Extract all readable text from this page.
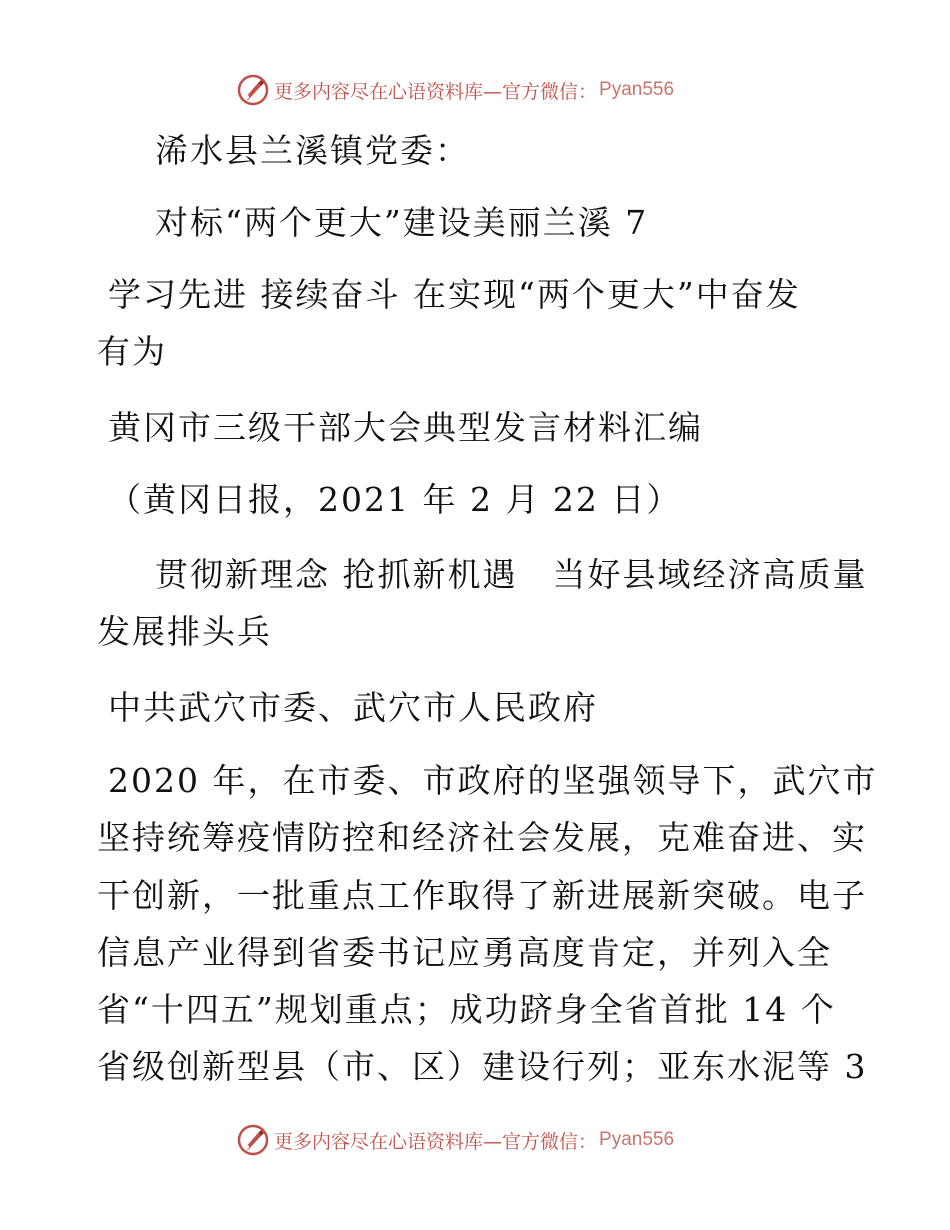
更多内容尽在心语资料库—官方微信： Pyan556
浠水县兰溪镇党委：
对标“两个更大”建设美丽兰溪 7
学习先进 接续奋斗 在实现“两个更大”中奋发
有为
黄冈市三级干部大会典型发言材料汇编
（黄冈日报，2021 年 2 月 22 日）
贯彻新理念 抢抓新机遇　当好县域经济高质量
发展排头兵
中共武穴市委、武穴市人民政府
2020 年，在市委、市政府的坚强领导下，武穴市
坚持统筹疫情防控和经济社会发展，克难奋进、实
干创新，一批重点工作取得了新进展新突破。电子
信息产业得到省委书记应勇高度肯定，并列入全
省“十四五”规划重点；成功跻身全省首批 14 个
省级创新型县（市、区）建设行列；亚东水泥等 3
更多内容尽在心语资料库—官方微信： Pyan556
